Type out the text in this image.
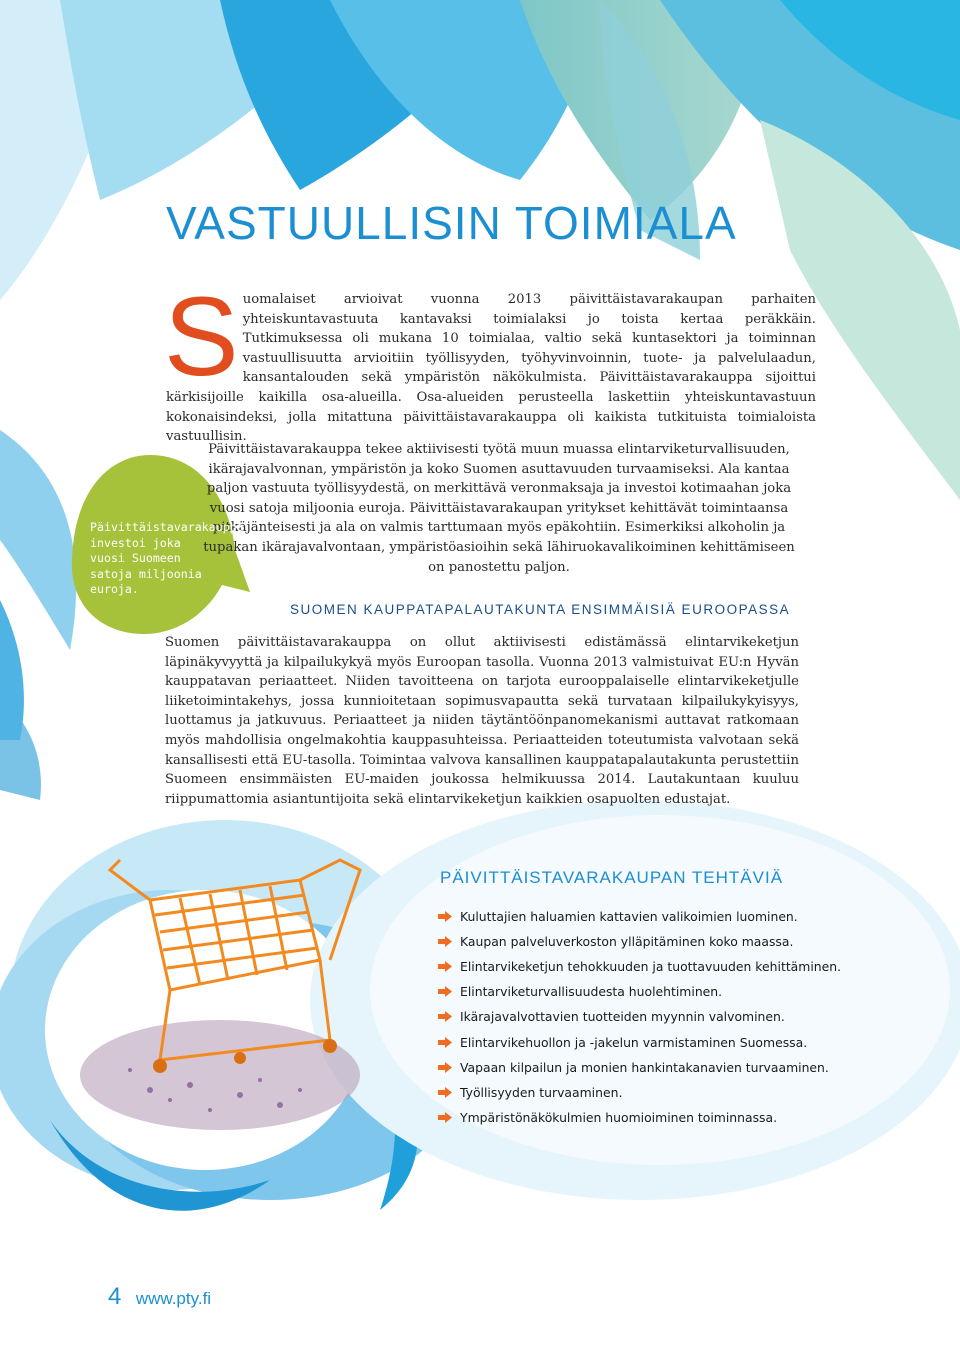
VASTUULLISIN TOIMIALA
S uomalaiset arvioivat vuonna 2013 päivittäistavarakaupan parhaiten yhteiskuntavastuuta kantavaksi toimialaksi jo toista kertaa peräkkäin. Tutkimuksessa oli mukana 10 toimialaa, valtio sekä kuntasektori ja toiminnan vastuullisuutta arvioitiin työllisyyden, työhyvinvoinnin, tuote- ja palvelulaadun, kansantalouden sekä ympäristön näkökulmista. Päivittäistavarakauppa sijoittui kärkisijoille kaikilla osa-alueilla. Osa-alueiden perusteella laskettiin yhteiskuntavastuun kokonaisindeksi, jolla mitattuna päivittäistavarakauppa oli kaikista tutkituista toimialoista vastuullisin.

Päivittäistavarakauppa tekee aktiivisesti työtä muun muassa elintarviketurvallisuuden, ikärajavalvonnan, ympäristön ja koko Suomen asuttavuuden turvaamiseksi. Ala kantaa paljon vastuuta työllisyydestä, on merkittävä veronmaksaja ja investoi kotimaahan joka vuosi satoja miljoonia euroja. Päivittäistavarakaupan yritykset kehittävät toimintaansa pitkäjänteisesti ja ala on valmis tarttumaan myös epäkohtiin. Esimerkiksi alkoholin ja tupakan ikärajavalvontaan, ympäristöasioihin sekä lähiruokavalikoiminen kehittämiseen on panostettu paljon.
Päivittäistavarakauppa investoi joka vuosi Suomeen satoja miljoonia euroja.
SUOMEN KAUPPATAPALAUTAKUNTA ENSIMMÄISIÄ EUROOPASSA
Suomen päivittäistavarakauppa on ollut aktiivisesti edistämässä elintarvikeketjun läpinäkyvyyttä ja kilpailukykyä myös Euroopan tasolla. Vuonna 2013 valmistuivat EU:n Hyvän kauppatavan periaatteet. Niiden tavoitteena on tarjota eurooppalaiselle elintarvikeketjulle liiketoimintakehys, jossa kunnioitetaan sopimusvapautta sekä turvataan kilpailukykyisyys, luottamus ja jatkuvuus. Periaatteet ja niiden täytäntöönpanomekanismi auttavat ratkomaan myös mahdollisia ongelmakohtia kauppasuhteissa. Periaatteiden toteutumista valvotaan sekä kansallisesti että EU-tasolla. Toimintaa valvova kansallinen kauppatapalautakunta perustettiin Suomeen ensimmäisten EU-maiden joukossa helmikuussa 2014. Lautakuntaan kuuluu riippumattomia asiantuntijoita sekä elintarvikeketjun kaikkien osapuolten edustajat.
PÄIVITTÄISTAVARAKAUPAN TEHTÄVIÄ
Kuluttajien haluamien kattavien valikoimien luominen.
Kaupan palveluverkoston ylläpitäminen koko maassa.
Elintarvikeketjun tehokkuuden ja tuottavuuden kehittäminen.
Elintarviketurvallisuudesta huolehtiminen.
Ikärajavalvottavien tuotteiden myynnin valvominen.
Elintarvikehuollon ja -jakelun varmistaminen Suomessa.
Vapaan kilpailun ja monien hankintakanavien turvaaminen.
Työllisyyden turvaaminen.
Ympäristönäkökulmien huomioiminen toiminnassa.
4 www.pty.fi
